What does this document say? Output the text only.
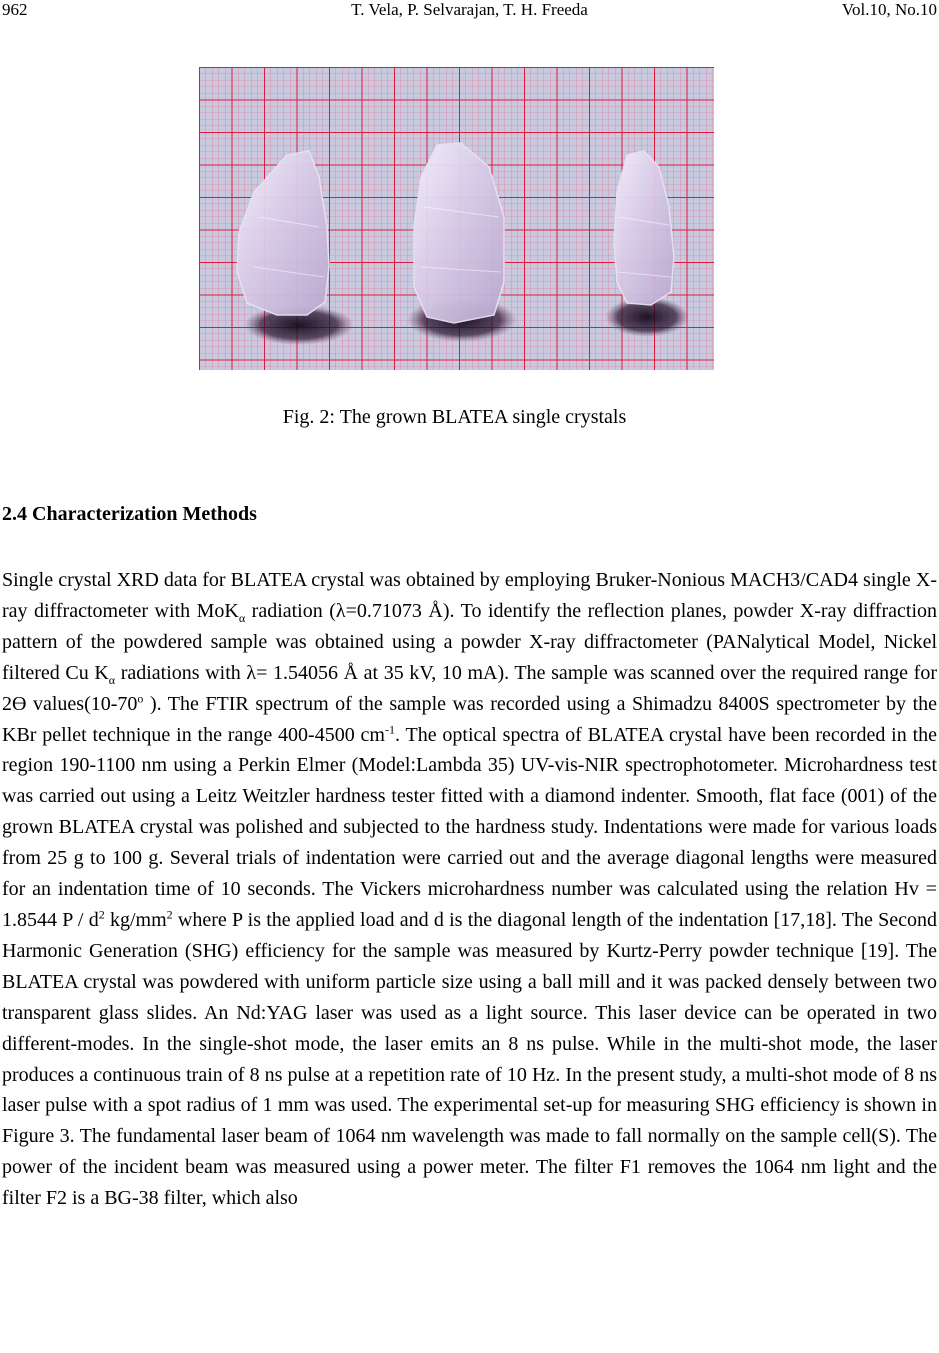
962	T. Vela, P. Selvarajan, T. H. Freeda	Vol.10, No.10
Fig. 2: The grown BLATEA single crystals
2.4 Characterization Methods
Single crystal XRD data for BLATEA crystal was obtained by employing Bruker-Nonious MACH3/CAD4 single X-ray diffractometer with MoK$_\alpha$ radiation (λ=0.71073 Å). To identify the reflection planes, powder X-ray diffraction pattern of the powdered sample was obtained using a powder X-ray diffractometer (PANalytical Model, Nickel filtered Cu $K_\alpha$ radiations with λ= 1.54056 Å at 35 kV, 10 mA). The sample was scanned over the required range for 2Ɵ values(10-70$^o$ ). The FTIR spectrum of the sample was recorded using a Shimadzu 8400S spectrometer by the KBr pellet technique in the range 400-4500 $cm^{-1}$. The optical spectra of BLATEA crystal have been recorded in the region 190-1100 nm using a Perkin Elmer (Model:Lambda 35) UV-vis-NIR spectrophotometer. Microhardness test was carried out using a Leitz Weitzler hardness tester fitted with a diamond indenter. Smooth, flat face (001) of the grown BLATEA crystal was polished and subjected to the hardness study. Indentations were made for various loads from 25 g to 100 g. Several trials of indentation were carried out and the average diagonal lengths were measured for an indentation time of 10 seconds. The Vickers microhardness number was calculated using the relation Hv = 1.8544 P / $d^2$ $kg/mm^2$ where P is the applied load and d is the diagonal length of the indentation [17,18]. The Second Harmonic Generation (SHG) efficiency for the sample was measured by Kurtz-Perry powder technique [19]. The BLATEA crystal was powdered with uniform particle size using a ball mill and it was packed densely between two transparent glass slides. An Nd:YAG laser was used as a light source. This laser device can be operated in two different-modes. In the single-shot mode, the laser emits an 8 ns pulse. While in the multi-shot mode, the laser produces a continuous train of 8 ns pulse at a repetition rate of 10 Hz. In the present study, a multi-shot mode of 8 ns laser pulse with a spot radius of 1 mm was used. The experimental set-up for measuring SHG efficiency is shown in Figure 3. The fundamental laser beam of 1064 nm wavelength was made to fall normally on the sample cell(S). The power of the incident beam was measured using a power meter. The filter F1 removes the 1064 nm light and the filter F2 is a BG-38 filter, which also
